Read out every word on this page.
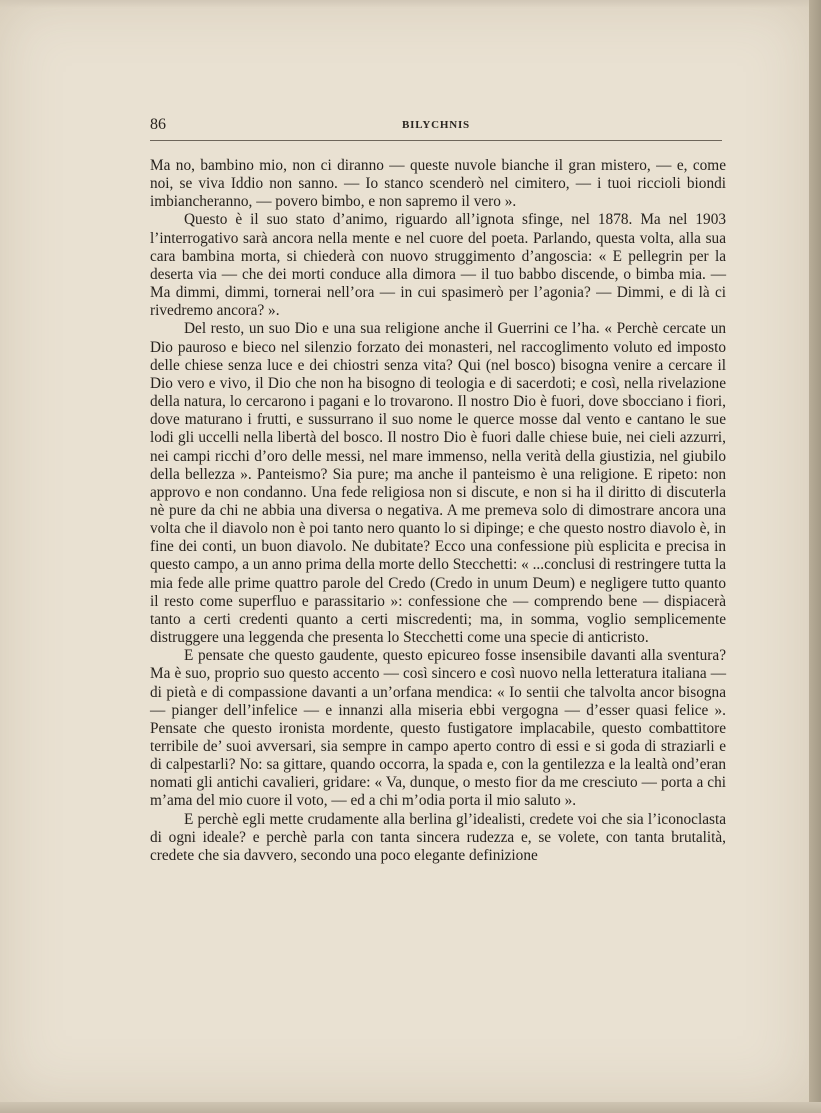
86	BILYCHNIS

Ma no, bambino mio, non ci diranno — queste nuvole bianche il gran mistero, — e, come noi, se viva Iddio non sanno. — Io stanco scenderò nel cimitero, — i tuoi riccioli biondi imbiancheranno, — povero bimbo, e non sapremo il vero ».

Questo è il suo stato d’animo, riguardo all’ignota sfinge, nel 1878. Ma nel 1903 l’interrogativo sarà ancora nella mente e nel cuore del poeta. Parlando, questa volta, alla sua cara bambina morta, si chiederà con nuovo struggimento d’angoscia: « E pellegrin per la deserta via — che dei morti conduce alla dimora — il tuo babbo discende, o bimba mia. — Ma dimmi, dimmi, tornerai nell’ora — in cui spasimerò per l’agonia? — Dimmi, e di là ci rivedremo ancora? ».

Del resto, un suo Dio e una sua religione anche il Guerrini ce l’ha. « Perchè cercate un Dio pauroso e bieco nel silenzio forzato dei monasteri, nel raccoglimento voluto ed imposto delle chiese senza luce e dei chiostri senza vita? Qui (nel bosco) bisogna venire a cercare il Dio vero e vivo, il Dio che non ha bisogno di teologia e di sacerdoti; e così, nella rivelazione della natura, lo cercarono i pagani e lo trovarono. Il nostro Dio è fuori, dove sbocciano i fiori, dove maturano i frutti, e sussurrano il suo nome le querce mosse dal vento e cantano le sue lodi gli uccelli nella libertà del bosco. Il nostro Dio è fuori dalle chiese buie, nei cieli azzurri, nei campi ricchi d’oro delle messi, nel mare immenso, nella verità della giustizia, nel giubilo della bellezza ». Panteismo? Sia pure; ma anche il panteismo è una religione. E ripeto: non approvo e non condanno. Una fede religiosa non si discute, e non si ha il diritto di discuterla nè pure da chi ne abbia una diversa o negativa. A me premeva solo di dimostrare ancora una volta che il diavolo non è poi tanto nero quanto lo si dipinge; e che questo nostro diavolo è, in fine dei conti, un buon diavolo. Ne dubitate? Ecco una confessione più esplicita e precisa in questo campo, a un anno prima della morte dello Stecchetti: « ...conclusi di restringere tutta la mia fede alle prime quattro parole del Credo (Credo in unum Deum) e negligere tutto quanto il resto come superfluo e parassitario »: confessione che — comprendo bene — dispiacerà tanto a certi credenti quanto a certi miscredenti; ma, in somma, voglio semplicemente distruggere una leggenda che presenta lo Stecchetti come una specie di anticristo.

E pensate che questo gaudente, questo epicureo fosse insensibile davanti alla sventura? Ma è suo, proprio suo questo accento — così sincero e così nuovo nella letteratura italiana — di pietà e di compassione davanti a un’orfana mendica: « Io sentii che talvolta ancor bisogna — pianger dell’infelice — e innanzi alla miseria ebbi vergogna — d’esser quasi felice ». Pensate che questo ironista mordente, questo fustigatore implacabile, questo combattitore terribile de’ suoi avversari, sia sempre in campo aperto contro di essi e si goda di straziarli e di calpestarli? No: sa gittare, quando occorra, la spada e, con la gentilezza e la lealtà ond’eran nomati gli antichi cavalieri, gridare: « Va, dunque, o mesto fior da me cresciuto — porta a chi m’ama del mio cuore il voto, — ed a chi m’odia porta il mio saluto ».

E perchè egli mette crudamente alla berlina gl’idealisti, credete voi che sia l’iconoclasta di ogni ideale? e perchè parla con tanta sincera rudezza e, se volete, con tanta brutalità, credete che sia davvero, secondo una poco elegante definizione
